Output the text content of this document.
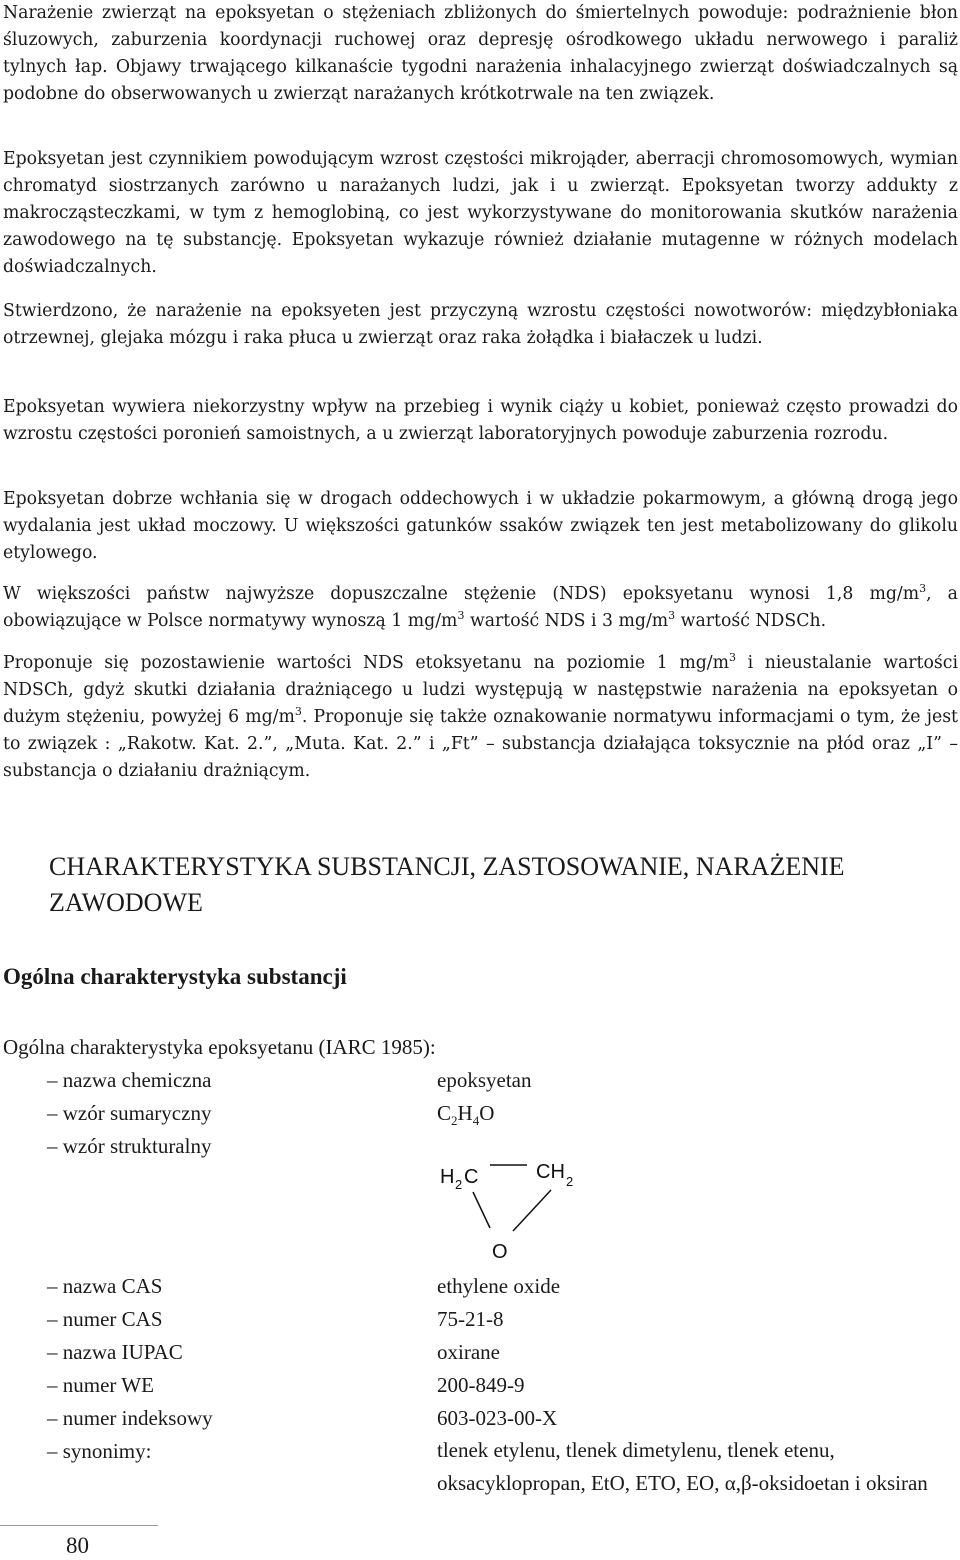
Narażenie zwierząt na epoksyetan o stężeniach zbliżonych do śmiertelnych powoduje: podrażnienie błon śluzowych, zaburzenia koordynacji ruchowej oraz depresję ośrodkowego układu nerwowego i paraliż tylnych łap. Objawy trwającego kilkanaście tygodni narażenia inhalacyjnego zwierząt doświadczalnych są podobne do obserwowanych u zwierząt narażanych krótkotrwale na ten związek.

Epoksyetan jest czynnikiem powodującym wzrost częstości mikrojąder, aberracji chromosomowych, wymian chromatyd siostrzanych zarówno u narażanych ludzi, jak i u zwierząt. Epoksyetan tworzy addukty z makrocząsteczkami, w tym z hemoglobiną, co jest wykorzystywane do monitorowania skutków narażenia zawodowego na tę substancję. Epoksyetan wykazuje również działanie mutagenne w różnych modelach doświadczalnych.

Stwierdzono, że narażenie na epoksyeten jest przyczyną wzrostu częstości nowotworów: międzybłoniaka otrzewnej, glejaka mózgu i raka płuca u zwierząt oraz raka żołądka i białaczek u ludzi.

Epoksyetan wywiera niekorzystny wpływ na przebieg i wynik ciąży u kobiet, ponieważ często prowadzi do wzrostu częstości poronień samoistnych, a u zwierząt laboratoryjnych powoduje zaburzenia rozrodu.

Epoksyetan dobrze wchłania się w drogach oddechowych i w układzie pokarmowym, a główną drogą jego wydalania jest układ moczowy. U większości gatunków ssaków związek ten jest metabolizowany do glikolu etylowego.

W większości państw najwyższe dopuszczalne stężenie (NDS) epoksyetanu wynosi 1,8 $mg/m^3$, a obowiązujące w Polsce normatywy wynoszą 1 $mg/m^3$ wartość NDS i 3 $mg/m^3$ wartość NDSCh.

Proponuje się pozostawienie wartości NDS etoksyetanu na poziomie 1 $mg/m^3$ i nieustalanie wartości NDSCh, gdyż skutki działania drażniącego u ludzi występują w następstwie narażenia na epoksyetan o dużym stężeniu, powyżej 6 $mg/m^3$. Proponuje się także oznakowanie normatywu informacjami o tym, że jest to związek : „Rakotw. Kat. 2.”, „Muta. Kat. 2.” i „Ft” – substancja działająca toksycznie na płód oraz „I” – substancja o działaniu drażniącym.

CHARAKTERYSTYKA SUBSTANCJI, ZASTOSOWANIE, NARAŻENIE ZAWODOWE
Ogólna charakterystyka substancji
Ogólna charakterystyka epoksyetanu (IARC 1985):
– nazwa chemiczna	epoksyetan
– wzór sumaryczny	$C_2H_4O$
– wzór strukturalny
H 2 C	CH 2
O
– nazwa CAS	ethylene oxide
– numer CAS	75-21-8
– nazwa IUPAC	oxirane
– numer WE	200-849-9
– numer indeksowy	603-023-00-X
– synonimy:	tlenek etylenu, tlenek dimetylenu, tlenek etenu, oksacyklopropan, EtO, ETO, EO, α,β-oksidoetan i oksiran
80
